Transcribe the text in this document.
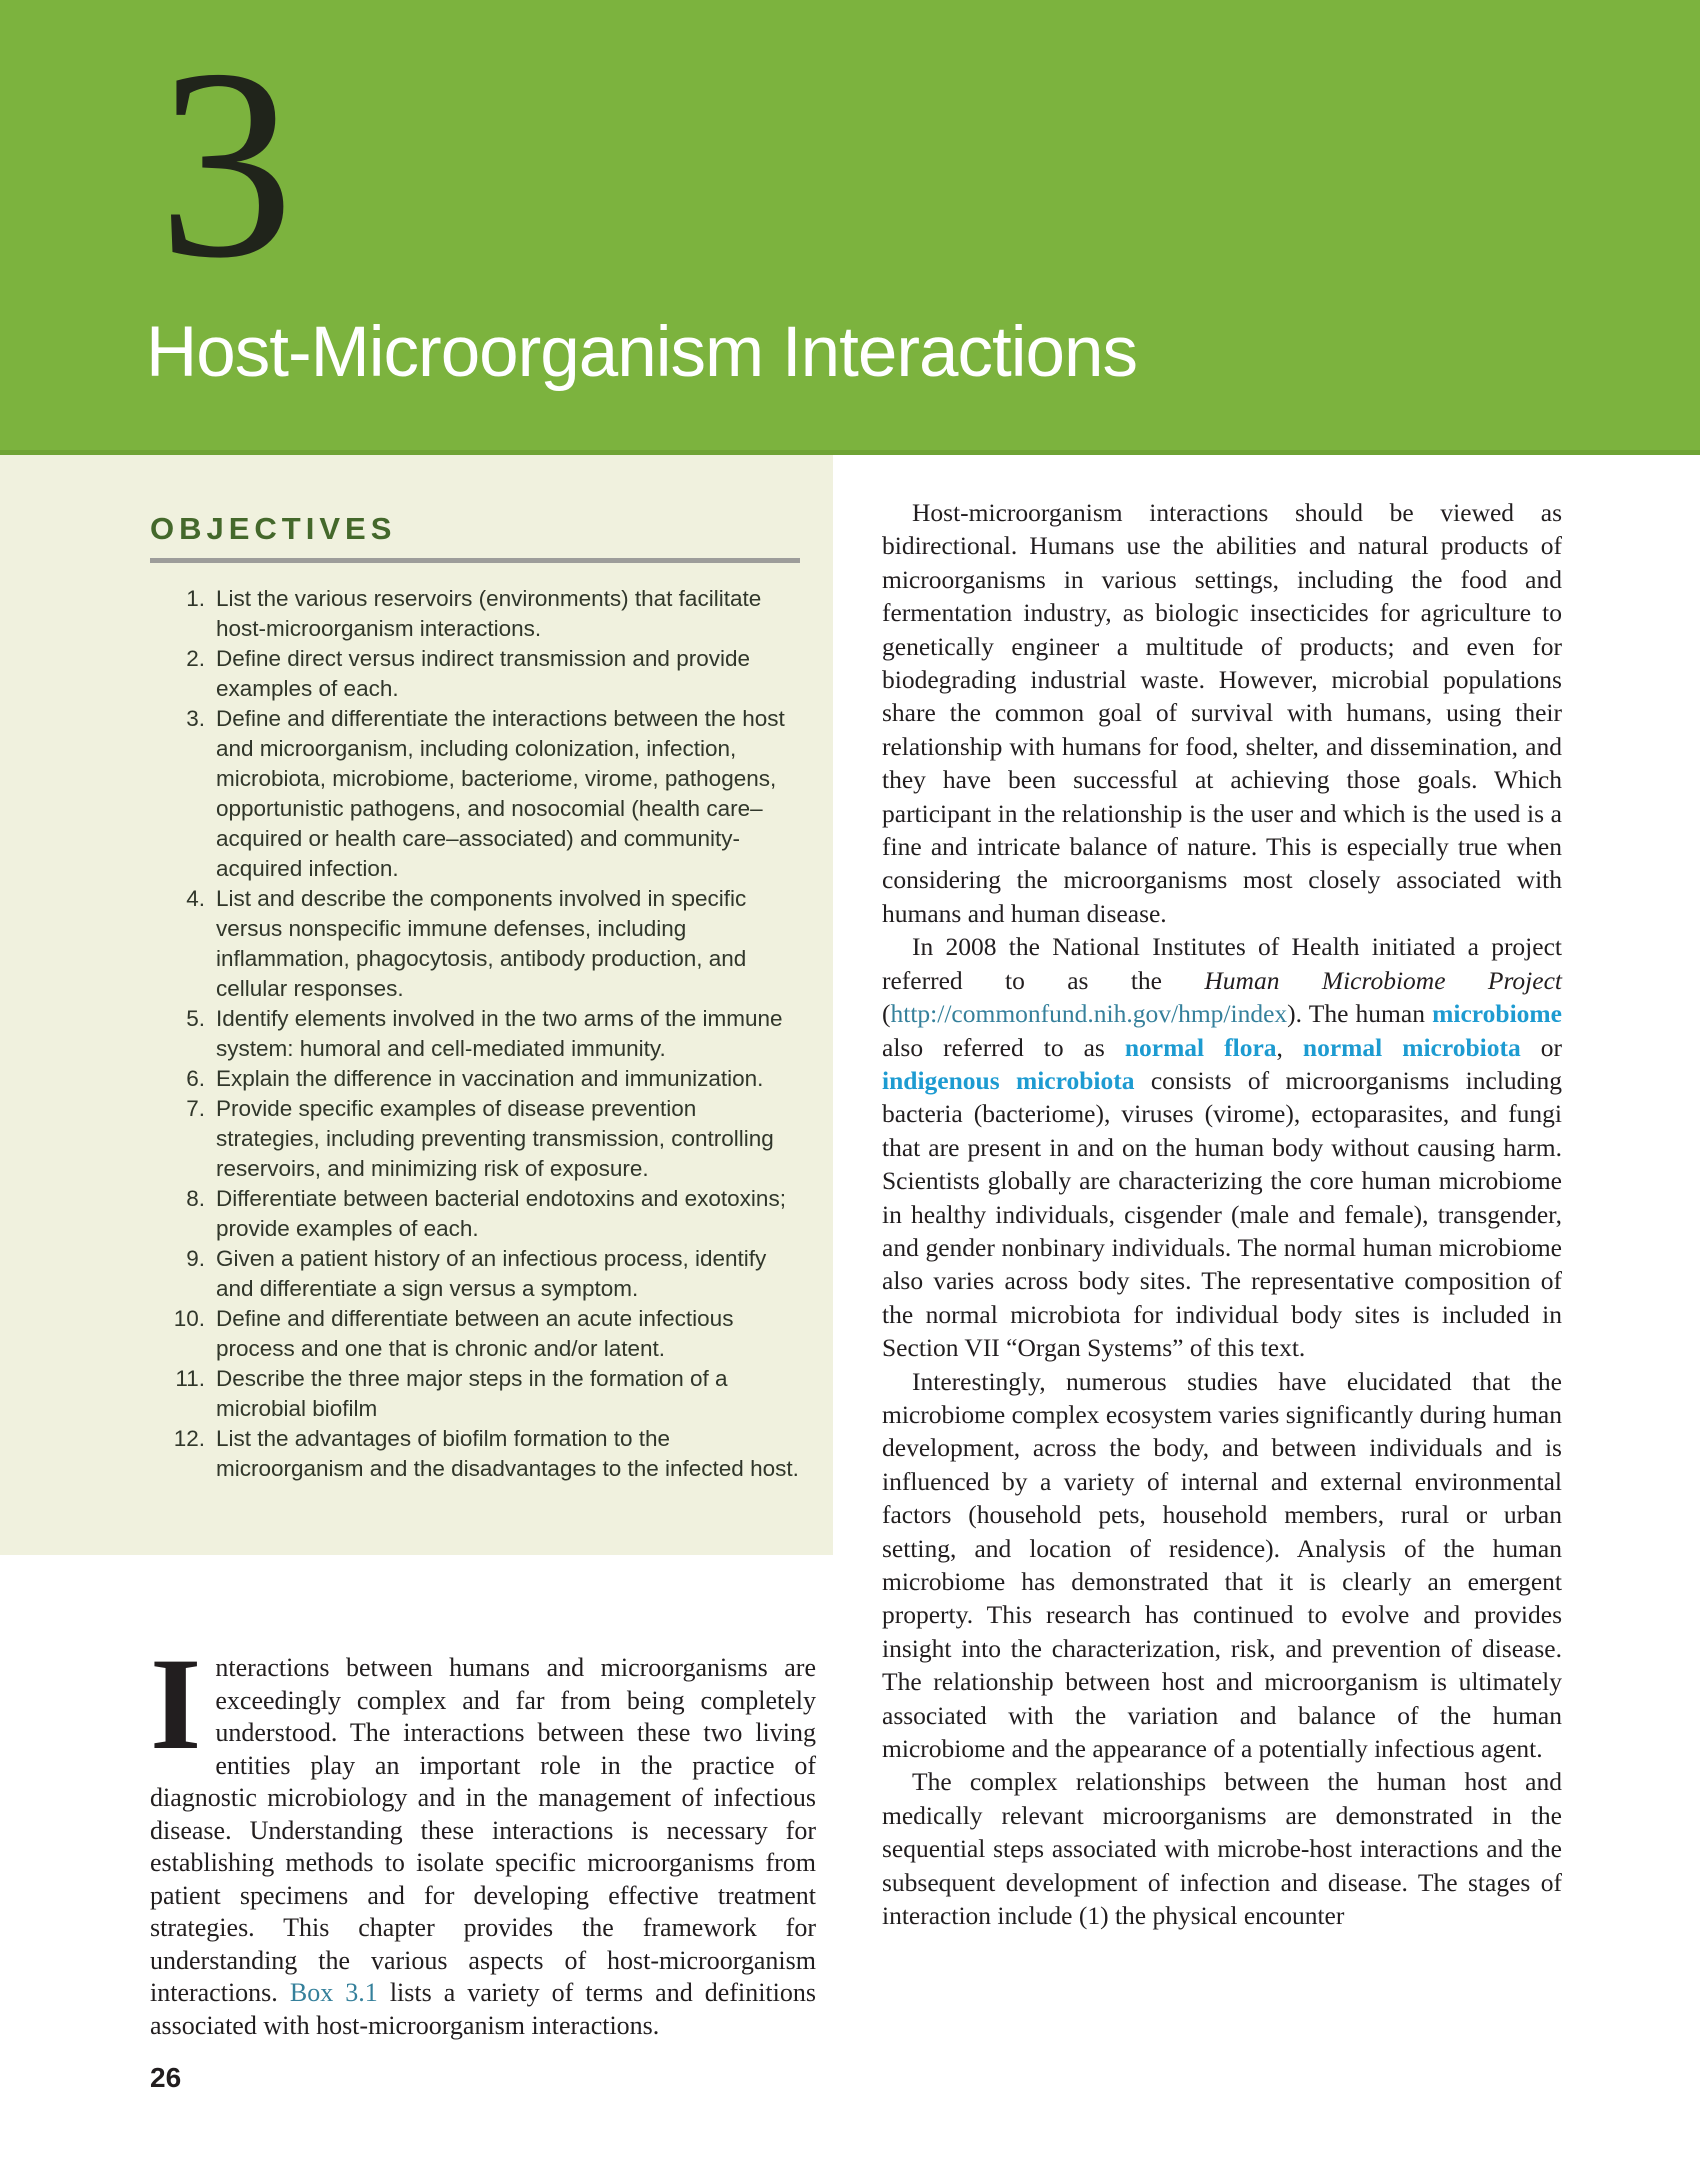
3
Host-Microorganism Interactions
OBJECTIVES
1. List the various reservoirs (environments) that facilitate host-microorganism interactions.
2. Define direct versus indirect transmission and provide examples of each.
3. Define and differentiate the interactions between the host and microorganism, including colonization, infection, microbiota, microbiome, bacteriome, virome, pathogens, opportunistic pathogens, and nosocomial (health care–acquired or health care–associated) and community-acquired infection.
4. List and describe the components involved in specific versus nonspecific immune defenses, including inflammation, phagocytosis, antibody production, and cellular responses.
5. Identify elements involved in the two arms of the immune system: humoral and cell-mediated immunity.
6. Explain the difference in vaccination and immunization.
7. Provide specific examples of disease prevention strategies, including preventing transmission, controlling reservoirs, and minimizing risk of exposure.
8. Differentiate between bacterial endotoxins and exotoxins; provide examples of each.
9. Given a patient history of an infectious process, identify and differentiate a sign versus a symptom.
10. Define and differentiate between an acute infectious process and one that is chronic and/or latent.
11. Describe the three major steps in the formation of a microbial biofilm
12. List the advantages of biofilm formation to the microorganism and the disadvantages to the infected host.
Interactions between humans and microorganisms are exceedingly complex and far from being completely understood. The interactions between these two living entities play an important role in the practice of diagnostic microbiology and in the management of infectious disease. Understanding these interactions is necessary for establishing methods to isolate specific microorganisms from patient specimens and for developing effective treatment strategies. This chapter provides the framework for understanding the various aspects of host-microorganism interactions. Box 3.1 lists a variety of terms and definitions associated with host-microorganism interactions.

Host-microorganism interactions should be viewed as bidirectional. Humans use the abilities and natural products of microorganisms in various settings, including the food and fermentation industry, as biologic insecticides for agriculture to genetically engineer a multitude of products; and even for biodegrading industrial waste. However, microbial populations share the common goal of survival with humans, using their relationship with humans for food, shelter, and dissemination, and they have been successful at achieving those goals. Which participant in the relationship is the user and which is the used is a fine and intricate balance of nature. This is especially true when considering the microorganisms most closely associated with humans and human disease.

In 2008 the National Institutes of Health initiated a project referred to as the Human Microbiome Project (http://commonfund.nih.gov/hmp/index). The human microbiome also referred to as normal flora, normal microbiota or indigenous microbiota consists of microorganisms including bacteria (bacteriome), viruses (virome), ectoparasites, and fungi that are present in and on the human body without causing harm. Scientists globally are characterizing the core human microbiome in healthy individuals, cisgender (male and female), transgender, and gender nonbinary individuals. The normal human microbiome also varies across body sites. The representative composition of the normal microbiota for individual body sites is included in Section VII “Organ Systems” of this text.

Interestingly, numerous studies have elucidated that the microbiome complex ecosystem varies significantly during human development, across the body, and between individuals and is influenced by a variety of internal and external environmental factors (household pets, household members, rural or urban setting, and location of residence). Analysis of the human microbiome has demonstrated that it is clearly an emergent property. This research has continued to evolve and provides insight into the characterization, risk, and prevention of disease. The relationship between host and microorganism is ultimately associated with the variation and balance of the human microbiome and the appearance of a potentially infectious agent.

The complex relationships between the human host and medically relevant microorganisms are demonstrated in the sequential steps associated with microbe-host interactions and the subsequent development of infection and disease. The stages of interaction include (1) the physical encounter

26
